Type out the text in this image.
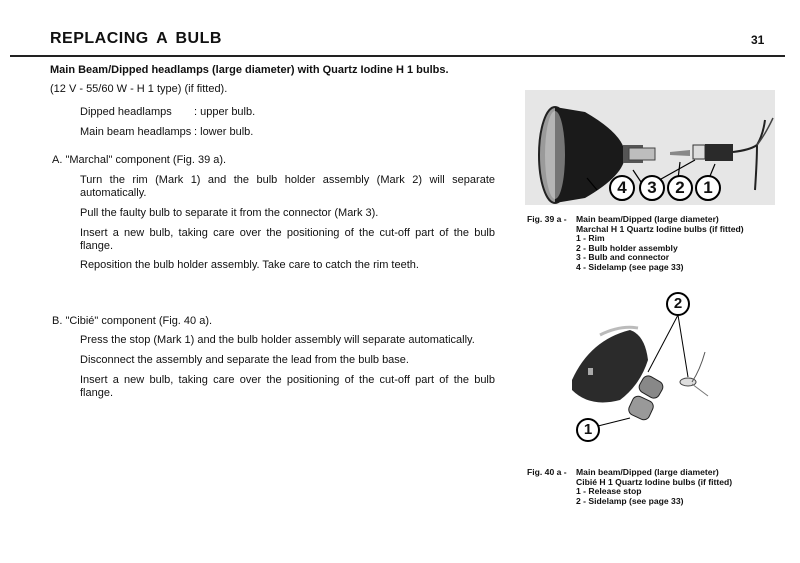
REPLACING A BULB	31
Main Beam/Dipped headlamps (large diameter) with Quartz Iodine H 1 bulbs.
(12 V - 55/60 W - H 1 type) (if fitted).
Dipped headlamps : upper bulb.
Main beam headlamps : lower bulb.
A. "Marchal" component (Fig. 39 a).
Turn the rim (Mark 1) and the bulb holder assembly (Mark 2) will separate automatically.
Pull the faulty bulb to separate it from the connector (Mark 3).
Insert a new bulb, taking care over the positioning of the cut-off part of the bulb flange.
Reposition the bulb holder assembly. Take care to catch the rim teeth.
B. "Cibié" component (Fig. 40 a).
Press the stop (Mark 1) and the bulb holder assembly will separate automatically.
Disconnect the assembly and separate the lead from the bulb base.
Insert a new bulb, taking care over the positioning of the cut-off part of the bulb flange.
4	3	2	1
Fig. 39 a - Main beam/Dipped (large diameter)
Marchal H 1 Quartz Iodine bulbs (if fitted)
1 - Rim
2 - Bulb holder assembly
3 - Bulb and connector
4 - Sidelamp (see page 33)
2
1
Fig. 40 a - Main beam/Dipped (large diameter)
Cibié H 1 Quartz Iodine bulbs (if fitted)
1 - Release stop
2 - Sidelamp (see page 33)
